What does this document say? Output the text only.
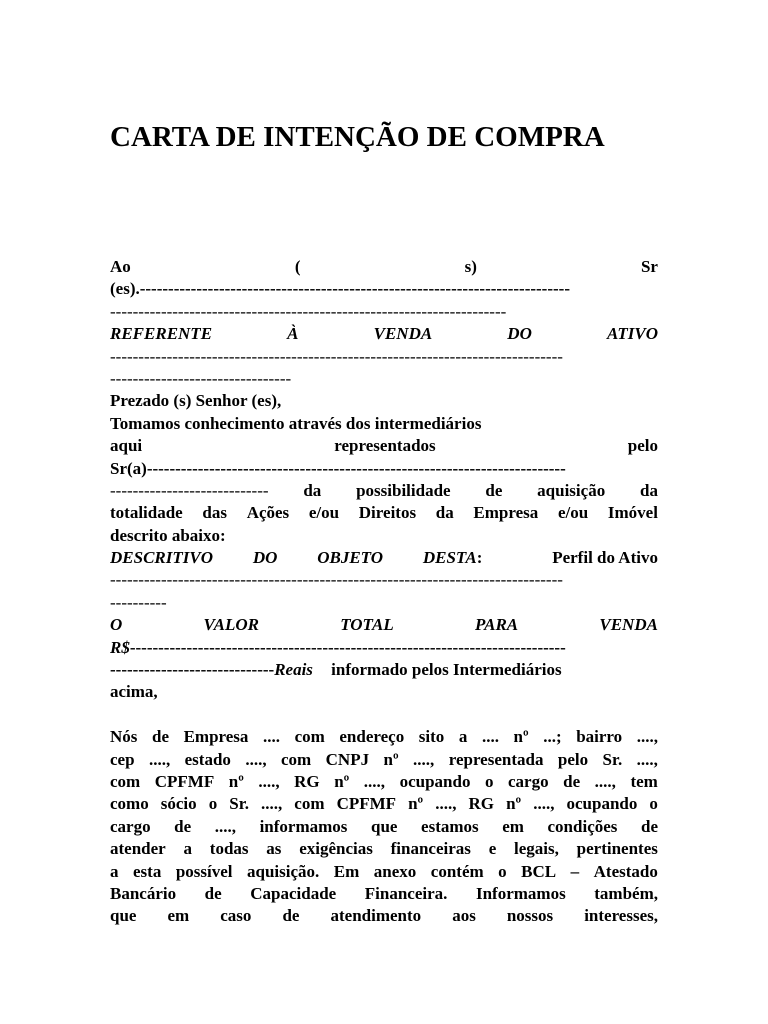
CARTA DE INTENÇÃO DE COMPRA
Ao	(	s)	Sr
(es).----------------------------------------------------------------------------
----------------------------------------------------------------------
REFERENTE	À	VENDA	DO	ATIVO
--------------------------------------------------------------------------------
--------------------------------
Prezado (s) Senhor (es),
Tomamos conhecimento através dos intermediários
aqui	representados	pelo
Sr(a)--------------------------------------------------------------------------
---------------------------- da possibilidade de aquisição da
totalidade das Ações e/ou Direitos da Empresa e/ou Imóvel
descrito abaixo:
DESCRITIVO DO OBJETO DESTA:	Perfil do Ativo
--------------------------------------------------------------------------------
----------
O	VALOR	TOTAL	PARA	VENDA
R$-----------------------------------------------------------------------------
-----------------------------Reais informado pelos Intermediários
acima,
Nós de Empresa .... com endereço sito a .... nº ...; bairro ....,
cep ...., estado ...., com CNPJ nº ...., representada pelo Sr. ....,
com CPFMF nº ...., RG nº ...., ocupando o cargo de ...., tem
como sócio o Sr. ...., com CPFMF nº ...., RG nº ...., ocupando o
cargo de ...., informamos que estamos em condições de
atender a todas as exigências financeiras e legais, pertinentes
a esta possível aquisição. Em anexo contém o BCL – Atestado
Bancário de Capacidade Financeira. Informamos também,
que em caso de atendimento aos nossos interesses,
